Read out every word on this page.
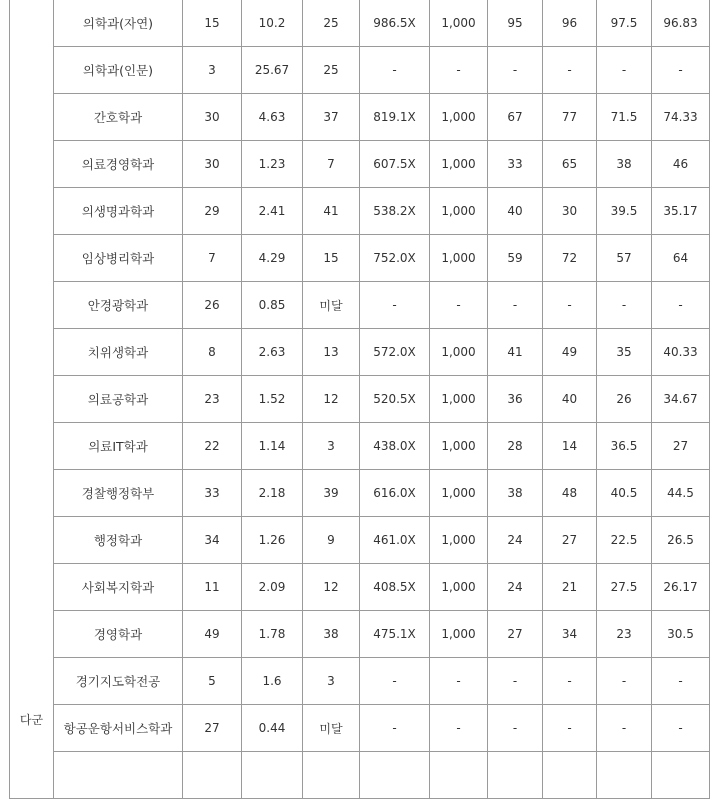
다군	의학과(자연)	15	10.2	25	986.5X	1,000	95	96	97.5	96.83
	의학과(인문)	3	25.67	25	-	-	-	-	-	-
	간호학과	30	4.63	37	819.1X	1,000	67	77	71.5	74.33
	의료경영학과	30	1.23	7	607.5X	1,000	33	65	38	46
	의생명과학과	29	2.41	41	538.2X	1,000	40	30	39.5	35.17
	임상병리학과	7	4.29	15	752.0X	1,000	59	72	57	64
	안경광학과	26	0.85	미달	-	-	-	-	-	-
	치위생학과	8	2.63	13	572.0X	1,000	41	49	35	40.33
	의료공학과	23	1.52	12	520.5X	1,000	36	40	26	34.67
	의료IT학과	22	1.14	3	438.0X	1,000	28	14	36.5	27
	경찰행정학부	33	2.18	39	616.0X	1,000	38	48	40.5	44.5
	행정학과	34	1.26	9	461.0X	1,000	24	27	22.5	26.5
	사회복지학과	11	2.09	12	408.5X	1,000	24	21	27.5	26.17
	경영학과	49	1.78	38	475.1X	1,000	27	34	23	30.5
	경기지도학전공	5	1.6	3	-	-	-	-	-	-
	항공운항서비스학과	27	0.44	미달	-	-	-	-	-	-
